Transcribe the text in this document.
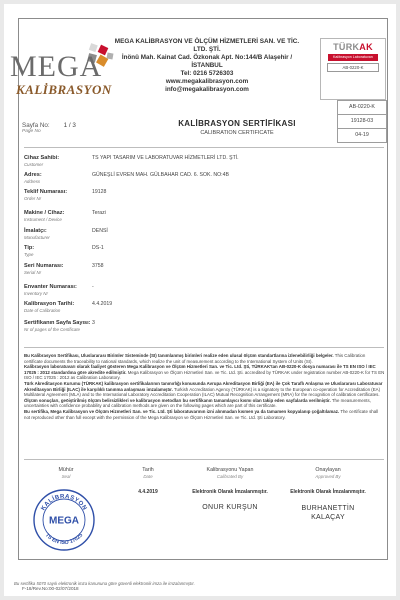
MEGA
KALİBRASYON
MEGA KALİBRASYON VE ÖLÇÜM HİZMETLERİ SAN. VE TİC. LTD. ŞTİ.
İnönü Mah. Kainat Cad. Özkonak Apt. No:144/B Alaşehir / İSTANBUL
Tel: 0216 5726303
www.megakalibrasyon.com
info@megakalibrasyon.com
TÜRKAK
Kalibrasyon Laboratuvarı
AB-0220-K
Sayfa No: 1 / 3
Page No
KALİBRASYON SERTİFİKASI
CALIBRATION CERTIFICATE
AB-0220-K
19128-03
04-19
Cihaz Sahibi:
Customer
TS YAPI TASARIM VE LABORATUVAR HİZMETLERİ LTD. ŞTİ.
Adres:
Address
GÜNEŞLİ EVREN MAH. GÜLBAHAR CAD. 6. SOK. NO:4B
Teklif Numarası:
Order Nr
19128
Makine / Cihaz:
Instrument / Device
Terazi
İmalatçı:
Manufacturer
DENSİ
Tip:
Type
DS-1
Seri Numarası:
Serial Nr
3758
Envanter Numarası:
Inventory Nr
-
Kalibrasyon Tarihi:
Date of Calibration
4.4.2019
Sertifikanın Sayfa Sayısı:
Nr of pages of the Certificate
3
Bu Kalibrasyon Sertifikası, Uluslararası Birimler Sisteminde (SI) tanımlanmış birimleri realize eden ulusal ölçüm standartlarına izlenebilirliği belgeler. This Calibration certificate documents the traceability to national standards, which realize the unit of measurement according to the International System of Units (SI).
Kalibrasyon laboratuvarı olarak faaliyet gösteren Mega Kalibrasyon ve Ölçüm Hizmetleri San. ve Tic. Ltd. Şti, TÜRKAK'tan AB-0220-K dosya numarası ile TS EN ISO / IEC 17025 : 2012 standardına göre akredite edilmiştir. Mega Kalibrasyon ve Ölçüm Hizmetleri San. ve Tic. Ltd. Şti. accredited by TÜRKAK under registration number AB-0220-K for TS EN ISO / IEC 17025 : 2012 as Calibration Laboratory.
Türk Akreditasyon Kurumu (TÜRKAK) kalibrasyon sertifikalarının tanınırlığı konusunda Avrupa Akreditasyon Birliği (EA) ile Çok Taraflı Anlaşma ve Uluslararası Laboratuvar Akreditasyon Birliği (ILAC) ile karşılıklı tanınma anlaşması imzalamıştır. Turkish Accreditation Agency (TÜRKAK) is a signatory to the European co-operation for Accreditation (EA) Multilateral Agreement (MLA) and to the International Laboratory Accreditation Cooperation (ILAC) Mutual Recognition Arrangement (MRA) for the recognition of calibration certificates.
Ölçüm sonuçları, geöiştirilmiş ölçüm belirsizlikleri ve kalibrasyon metodları bu sertifikanın tamamlayıcı kısmı olan takip eden sayfalarda verilmiştir. The measurements, uncertainties with confidence probability and calibration methods are given on the following pages which are part of this certificate.
Bu sertifika, Mega Kalibrasyon ve Ölçüm Hizmetleri San. ve Tic. Ltd. Şti laboratuvarının izni alınmadan kısmen ya da tamamen kopyalanıp çoğaltılamaz. The certificate shall not reproduced other than full except with the permission of the Mega Kalibrasyon ve Ölçüm Hizmetleri San. ve Tic. Ltd. Şti Laboratory.
Mühür
Seal
Tarih
Date
4.4.2019
Kalibrasyonu Yapan
Calibrated By
Elektronik Olarak İmzalanmıştır.
ONUR KURŞUN
Onaylayan
Approved By
Elektronik Olarak İmzalanmıştır.
BURHANETTİN KALAÇAY
KALİBRASYON
TS EN ISO 17025
MEGA
Bu sertifika 5070 sayılı elektronik imza kanununa göre güvenli elektronik imza ile imzalanmıştır.
F-18/Rev.No:00-02/07/2018
